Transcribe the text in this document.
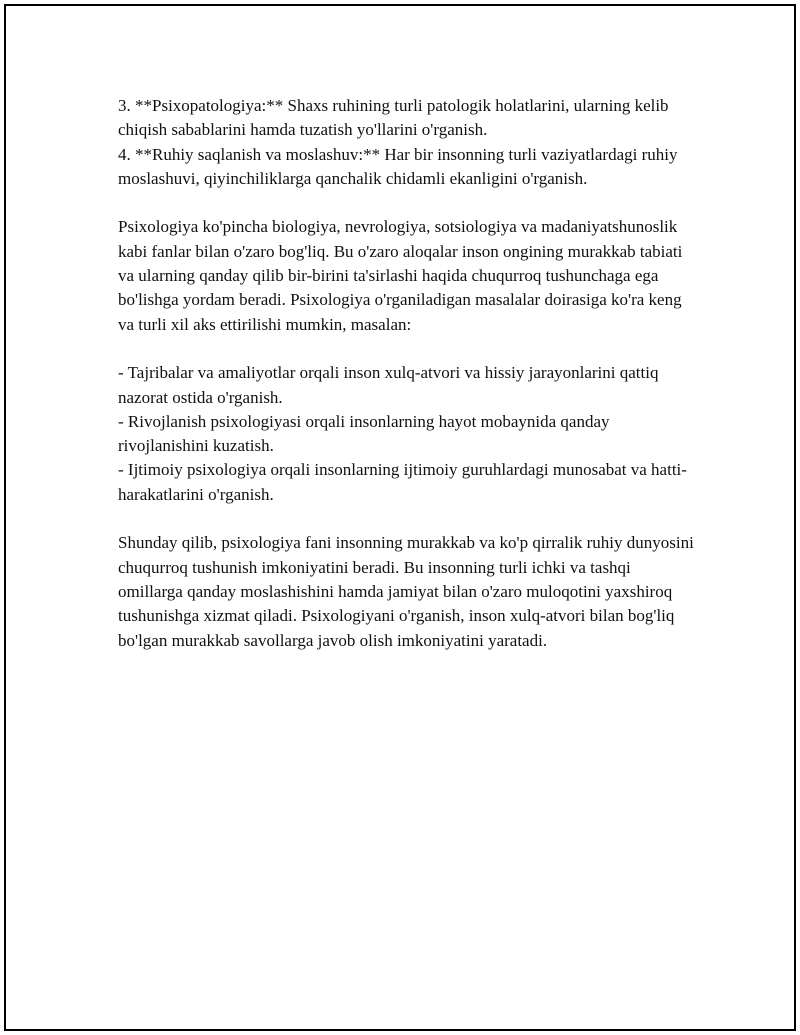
3. **Psixopatologiya:** Shaxs ruhining turli patologik holatlarini, ularning kelib chiqish sabablarini hamda tuzatish yo'llarini o'rganish.

4. **Ruhiy saqlanish va moslashuv:** Har bir insonning turli vaziyatlardagi ruhiy moslashuvi, qiyinchiliklarga qanchalik chidamli ekanligini o'rganish.

Psixologiya ko'pincha biologiya, nevrologiya, sotsiologiya va madaniyatshunoslik kabi fanlar bilan o'zaro bog'liq. Bu o'zaro aloqalar inson ongining murakkab tabiati va ularning qanday qilib bir-birini ta'sirlashi haqida chuqurroq tushunchaga ega bo'lishga yordam beradi. Psixologiya o'rganiladigan masalalar doirasiga ko'ra keng va turli xil aks ettirilishi mumkin, masalan:

- Tajribalar va amaliyotlar orqali inson xulq-atvori va hissiy jarayonlarini qattiq nazorat ostida o'rganish.

- Rivojlanish psixologiyasi orqali insonlarning hayot mobaynida qanday rivojlanishini kuzatish.

- Ijtimoiy psixologiya orqali insonlarning ijtimoiy guruhlardagi munosabat va hatti-harakatlarini o'rganish.

Shunday qilib, psixologiya fani insonning murakkab va ko'p qirralik ruhiy dunyosini chuqurroq tushunish imkoniyatini beradi. Bu insonning turli ichki va tashqi omillarga qanday moslashishini hamda jamiyat bilan o'zaro muloqotini yaxshiroq tushunishga xizmat qiladi. Psixologiyani o'rganish, inson xulq-atvori bilan bog'liq bo'lgan murakkab savollarga javob olish imkoniyatini yaratadi.
